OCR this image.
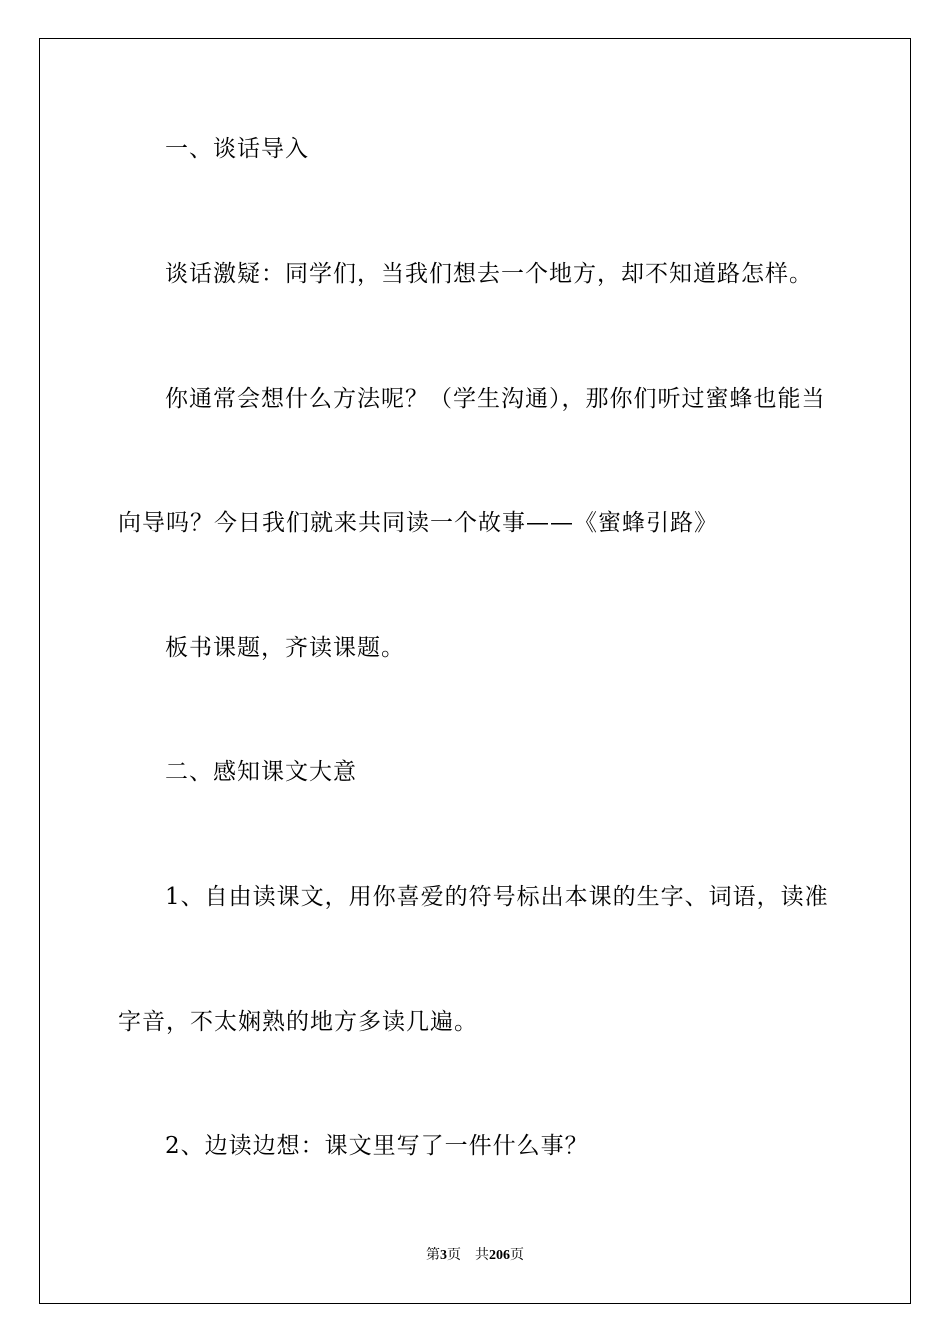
一、谈话导入
谈话激疑：同学们，当我们想去一个地方，却不知道路怎样。
你通常会想什么方法呢？（学生沟通），那你们听过蜜蜂也能当
向导吗？今日我们就来共同读一个故事——《蜜蜂引路》
板书课题，齐读课题。
二、感知课文大意
1、自由读课文，用你喜爱的符号标出本课的生字、词语，读准
字音，不太娴熟的地方多读几遍。
2、边读边想：课文里写了一件什么事？
第3页 共206页
